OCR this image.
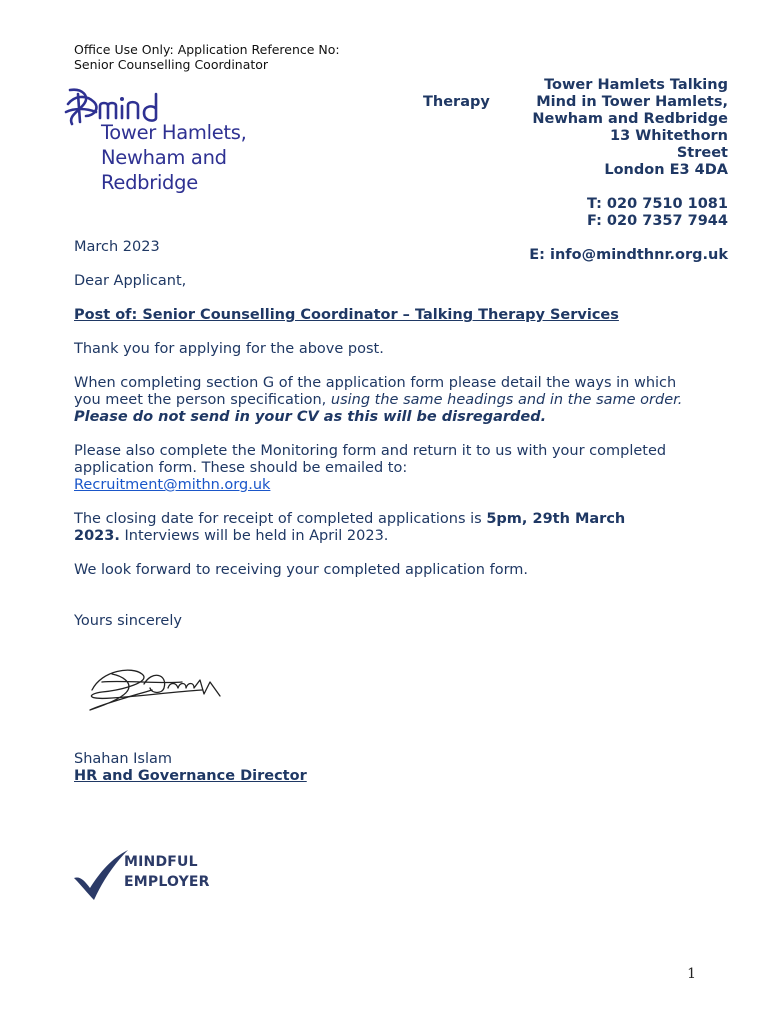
Office Use Only: Application Reference No:
Senior Counselling Coordinator
Tower Hamlets,
Newham and
Redbridge
Therapy
Tower Hamlets Talking
Mind in Tower Hamlets,
Newham and Redbridge
13 Whitethorn
Street
London E3 4DA
T: 020 7510 1081
F: 020 7357 7944
E: info@mindthnr.org.uk
March 2023
Dear Applicant,
Post of: Senior Counselling Coordinator – Talking Therapy Services
Thank you for applying for the above post.
When completing section G of the application form please detail the ways in which you meet the person specification, using the same headings and in the same order. Please do not send in your CV as this will be disregarded.
Please also complete the Monitoring form and return it to us with your completed application form. These should be emailed to:
Recruitment@mithn.org.uk
The closing date for receipt of completed applications is 5pm, 29th March
2023. Interviews will be held in April 2023.
We look forward to receiving your completed application form.
Yours sincerely
Shahan Islam
HR and Governance Director
MINDFUL
EMPLOYER
1
